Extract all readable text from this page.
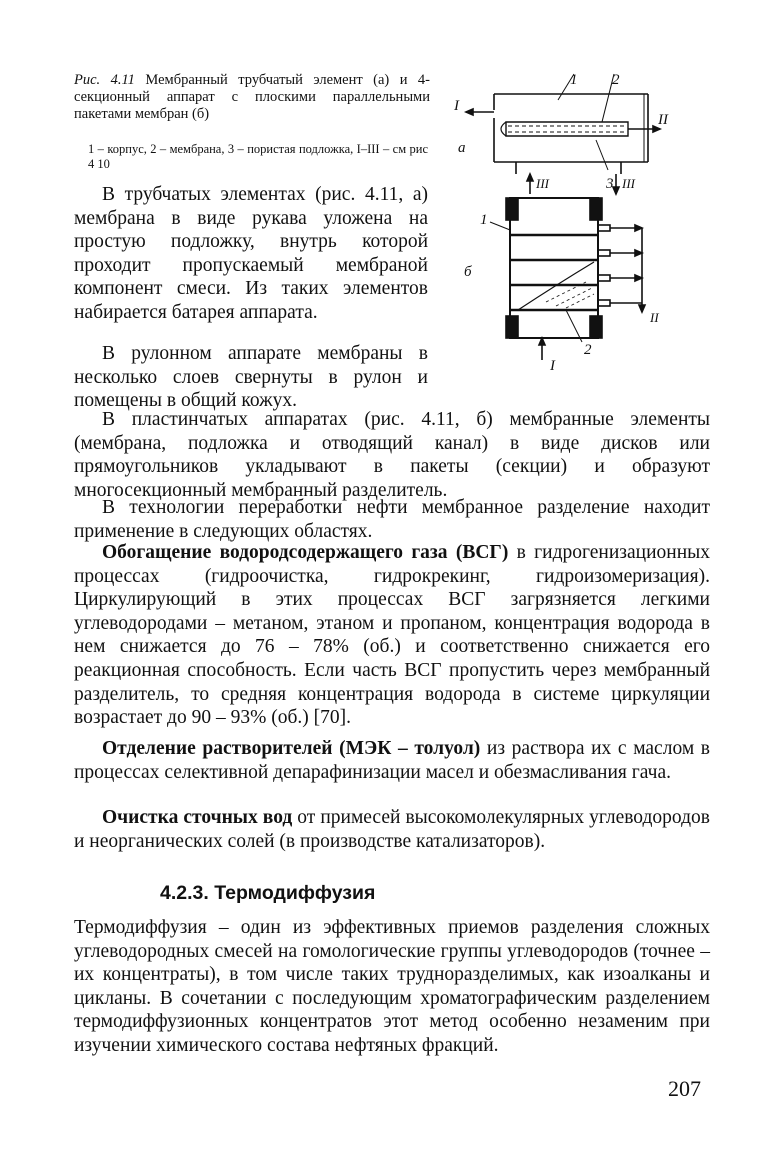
Рис. 4.11 Мембранный трубчатый элемент (а) и 4-секционный аппарат с плоскими параллельными пакетами мембран (б)
1 – корпус, 2 – мембрана, 3 – пористая подложка, I–III – см рис 4 10
1 2
I
II
а
III	3 III
1
б
II
2
I

В трубчатых элементах (рис. 4.11, а) мембрана в виде рукава уложена на простую подложку, внутрь которой проходит пропускаемый мембраной компонент смеси. Из таких элементов набирается батарея аппарата.

В рулонном аппарате мембраны в несколько слоев свернуты в рулон и помещены в общий кожух.

В пластинчатых аппаратах (рис. 4.11, б) мембранные элементы (мембрана, подложка и отводящий канал) в виде дисков или прямоугольников укладывают в пакеты (секции) и образуют многосекционный мембранный разделитель.

В технологии переработки нефти мембранное разделение находит применение в следующих областях.

Обогащение водородсодержащего газа (ВСГ) в гидрогенизационных процессах (гидроочистка, гидрокрекинг, гидроизомеризация). Циркулирующий в этих процессах ВСГ загрязняется легкими углеводородами – метаном, этаном и пропаном, концентрация водорода в нем снижается до 76 – 78% (об.) и соответственно снижается его реакционная способность. Если часть ВСГ пропустить через мембранный разделитель, то средняя концентрация водорода в системе циркуляции возрастает до 90 – 93% (об.) [70].

Отделение растворителей (МЭК – толуол) из раствора их с маслом в процессах селективной депарафинизации масел и обезмасливания гача.

Очистка сточных вод от примесей высокомолекулярных углеводородов и неорганических солей (в производстве катализаторов).

4.2.3. Термодиффузия

Термодиффузия – один из эффективных приемов разделения сложных углеводородных смесей на гомологические группы углеводородов (точнее – их концентраты), в том числе таких трудноразделимых, как изоалканы и цикланы. В сочетании с последующим хроматографическим разделением термодиффузионных концентратов этот метод особенно незаменим при изучении химического состава нефтяных фракций.

207
